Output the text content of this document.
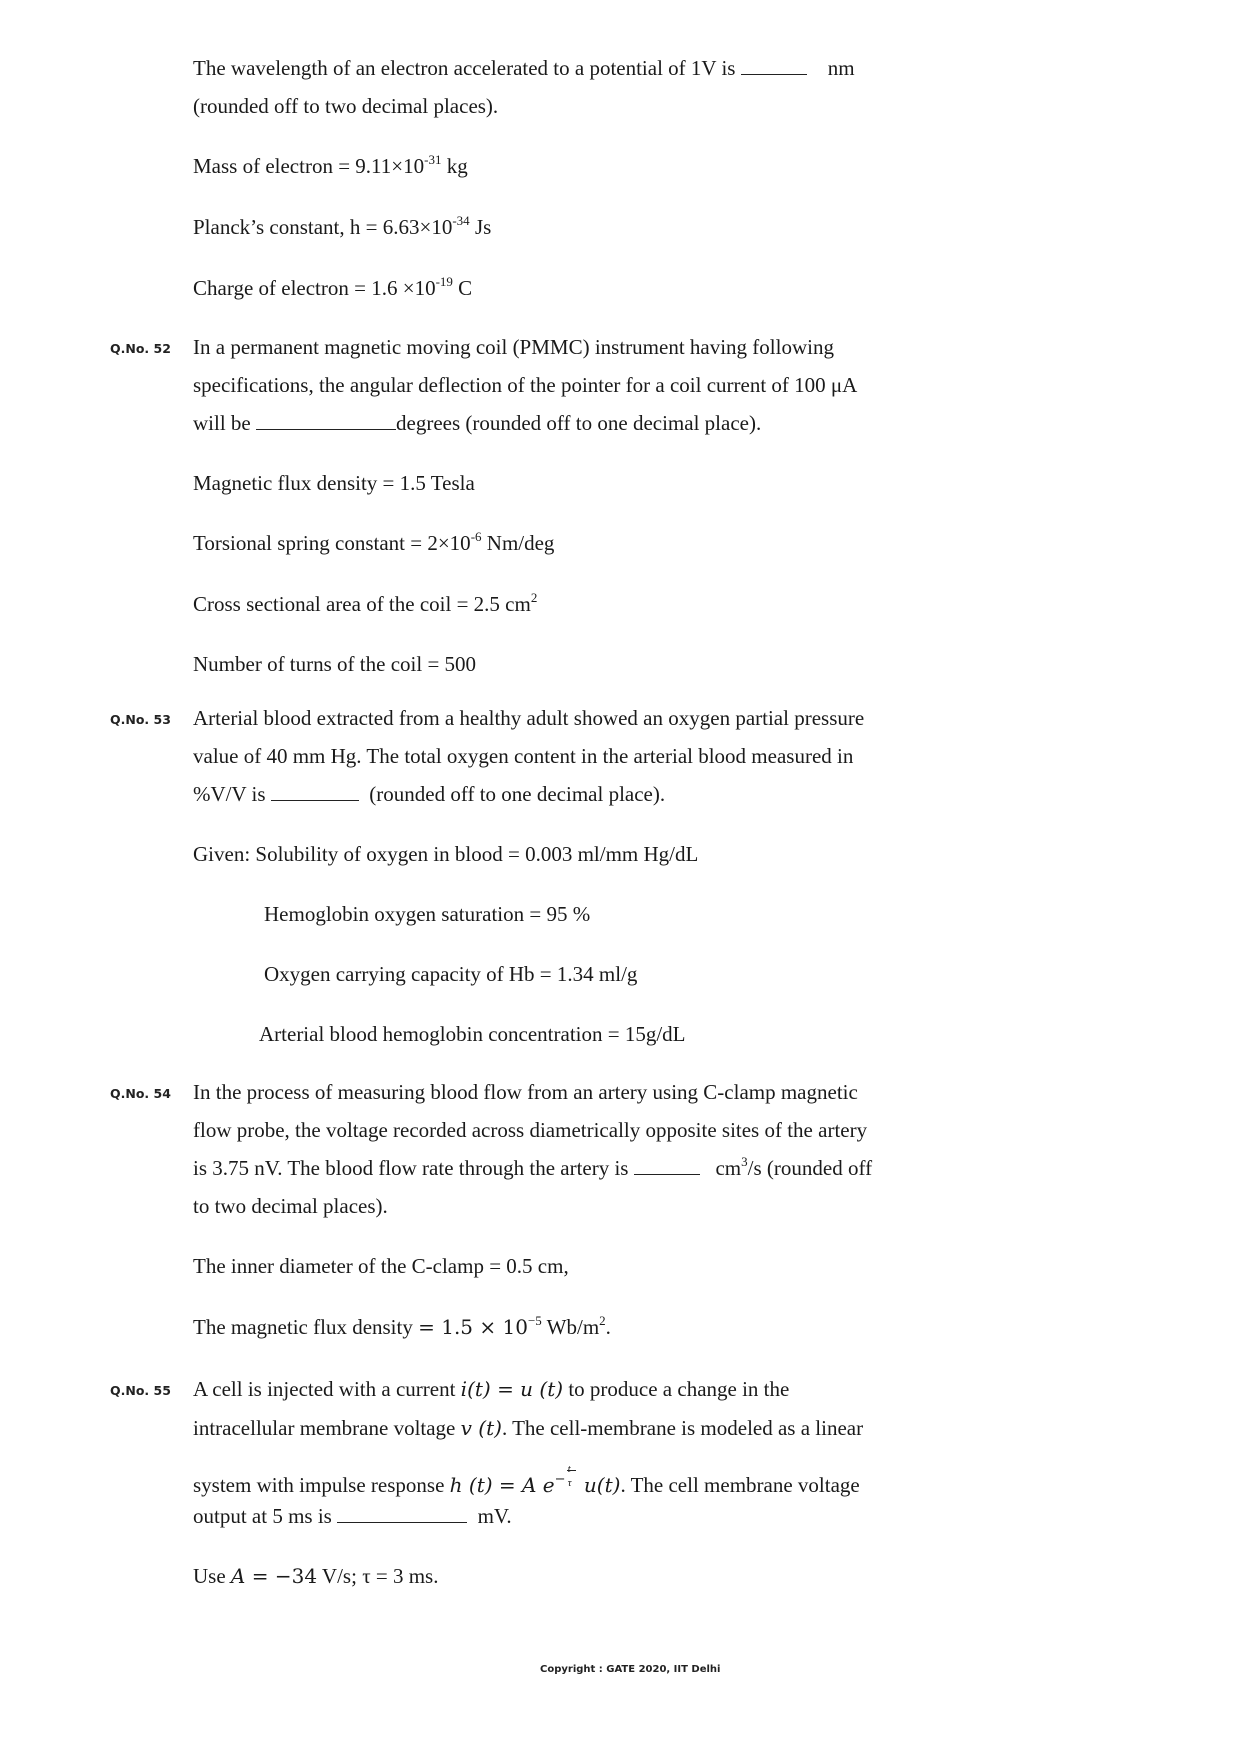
The wavelength of an electron accelerated to a potential of 1V is	nm
(rounded off to two decimal places).
Mass of electron = $9.11\times 10^{-31}$ kg
Planck’s constant, $h = 6.63\times 10^{-34}$ Js
Charge of electron = $1.6 \times 10^{-19}$ C
Q.No. 52 In a permanent magnetic moving coil (PMMC) instrument having following
specifications, the angular deflection of the pointer for a coil current of 100 μA
will be	degrees (rounded off to one decimal place).
Magnetic flux density = 1.5 Tesla
Torsional spring constant = $2\times 10^{-6}$ Nm/deg
Cross sectional area of the coil = 2.5 $cm^2$
Number of turns of the coil = 500
Q.No. 53 Arterial blood extracted from a healthy adult showed an oxygen partial pressure
value of 40 mm Hg. The total oxygen content in the arterial blood measured in
%V/V is	(rounded off to one decimal place).
Given: Solubility of oxygen in blood = 0.003 ml/mm Hg/dL
Hemoglobin oxygen saturation = 95 %
Oxygen carrying capacity of Hb = 1.34 ml/g
Arterial blood hemoglobin concentration = 15g/dL
Q.No. 54 In the process of measuring blood flow from an artery using C-clamp magnetic
flow probe, the voltage recorded across diametrically opposite sites of the artery
is 3.75 nV. The blood flow rate through the artery is	$cm^3/s$ (rounded off
to two decimal places).
The inner diameter of the C-clamp = 0.5 cm,
The magnetic flux density = $1.5 \times 10^{-5}$ $Wb/m^2$.
Q.No. 55 A cell is injected with a current i(t) = u (t) to produce a change in the
intracellular membrane voltage v (t). The cell-membrane is modeled as a linear
system with impulse response h (t) = A e−
t
τ u(t). The cell membrane voltage
output at 5 ms is	mV.
Use A = −34 V/s; τ = 3 ms.
Copyright : GATE 2020, IIT Delhi
